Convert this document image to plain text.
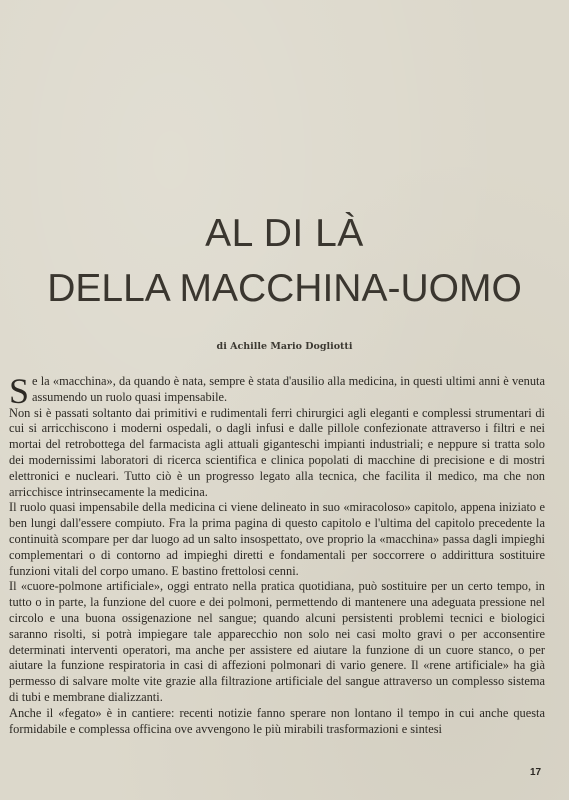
AL DI LÀ
DELLA MACCHINA-UOMO

di Achille Mario Dogliotti

Se la «macchina», da quando è nata, sempre è stata d'ausilio alla medicina, in questi ultimi anni è venuta assumendo un ruolo quasi impensabile.

Non si è passati soltanto dai primitivi e rudimentali ferri chirurgici agli eleganti e complessi strumentari di cui si arricchiscono i moderni ospedali, o dagli infusi e dalle pillole confezionate attraverso i filtri e nei mortai del retrobottega del farmacista agli attuali giganteschi impianti industriali; e neppure si tratta solo dei modernissimi laboratori di ricerca scientifica e clinica popolati di macchine di precisione e di mostri elettronici e nucleari. Tutto ciò è un progresso legato alla tecnica, che facilita il medico, ma che non arricchisce intrinsecamente la medicina.

Il ruolo quasi impensabile della medicina ci viene delineato in suo «miracoloso» capitolo, appena iniziato e ben lungi dall'essere compiuto. Fra la prima pagina di questo capitolo e l'ultima del capitolo precedente la continuità scompare per dar luogo ad un salto insospettato, ove proprio la «macchina» passa dagli impieghi complementari o di contorno ad impieghi diretti e fondamentali per soccorrere o addirittura sostituire funzioni vitali del corpo umano. E bastino frettolosi cenni.

Il «cuore-polmone artificiale», oggi entrato nella pratica quotidiana, può sostituire per un certo tempo, in tutto o in parte, la funzione del cuore e dei polmoni, permettendo di mantenere una adeguata pressione nel circolo e una buona ossigenazione nel sangue; quando alcuni persistenti problemi tecnici e biologici saranno risolti, si potrà impiegare tale apparecchio non solo nei casi molto gravi o per acconsentire determinati interventi operatori, ma anche per assistere ed aiutare la funzione di un cuore stanco, o per aiutare la funzione respiratoria in casi di affezioni polmonari di vario genere. Il «rene artificiale» ha già permesso di salvare molte vite grazie alla filtrazione artificiale del sangue attraverso un complesso sistema di tubi e membrane dializzanti.

Anche il «fegato» è in cantiere: recenti notizie fanno sperare non lontano il tempo in cui anche questa formidabile e complessa officina ove avvengono le più mirabili trasformazioni e sintesi

17
